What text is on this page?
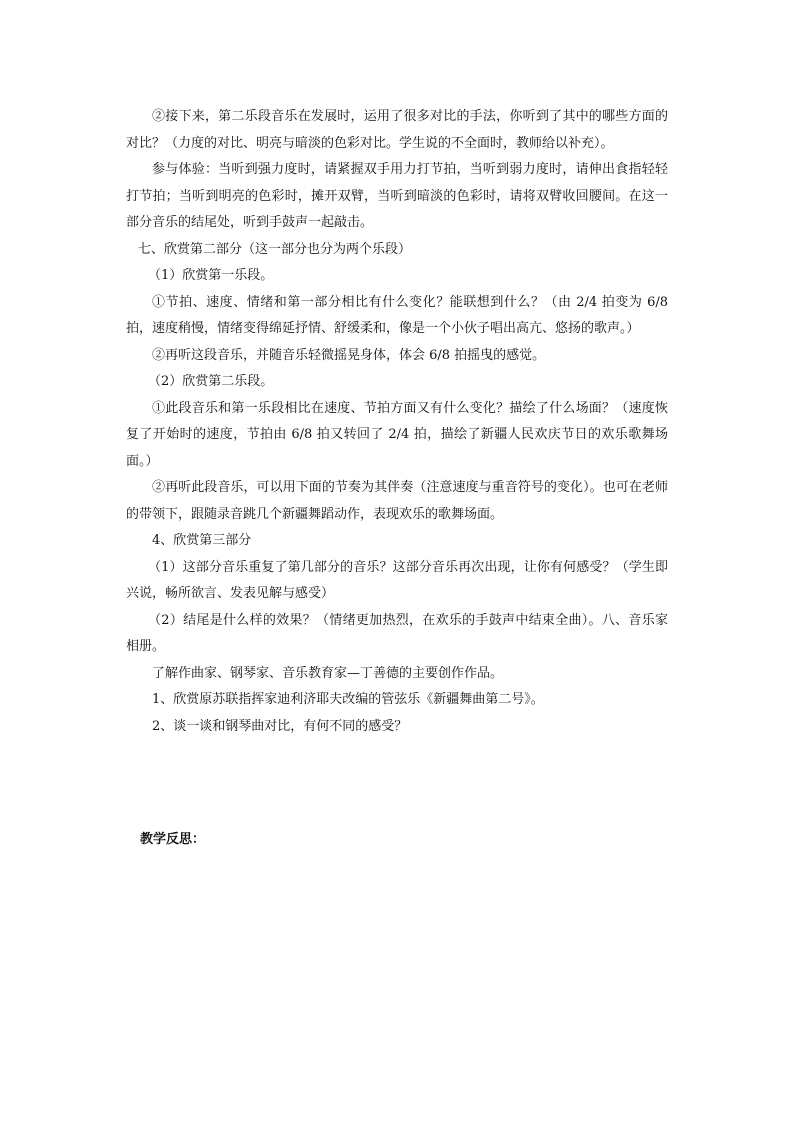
②接下来，第二乐段音乐在发展时，运用了很多对比的手法，你听到了其中的哪些方面的对比？（力度的对比、明亮与暗淡的色彩对比。学生说的不全面时，教师给以补充）。

参与体验：当听到强力度时，请紧握双手用力打节拍，当听到弱力度时，请伸出食指轻轻打节拍；当听到明亮的色彩时，摊开双臂，当听到暗淡的色彩时，请将双臂收回腰间。在这一部分音乐的结尾处，听到手鼓声一起敲击。

七、欣赏第二部分（这一部分也分为两个乐段）

（1）欣赏第一乐段。

①节拍、速度、情绪和第一部分相比有什么变化？能联想到什么？（由 2/4 拍变为 6/8 拍，速度稍慢，情绪变得绵延抒情、舒缓柔和，像是一个小伙子唱出高亢、悠扬的歌声。）

②再听这段音乐，并随音乐轻微摇晃身体，体会 6/8 拍摇曳的感觉。

（2）欣赏第二乐段。

①此段音乐和第一乐段相比在速度、节拍方面又有什么变化？描绘了什么场面？（速度恢复了开始时的速度，节拍由 6/8 拍又转回了 2/4 拍，描绘了新疆人民欢庆节日的欢乐歌舞场面。）

②再听此段音乐，可以用下面的节奏为其伴奏（注意速度与重音符号的变化）。也可在老师的带领下，跟随录音跳几个新疆舞蹈动作，表现欢乐的歌舞场面。

4、欣赏第三部分

（1）这部分音乐重复了第几部分的音乐？这部分音乐再次出现，让你有何感受？（学生即兴说，畅所欲言、发表见解与感受）

（2）结尾是什么样的效果？（情绪更加热烈，在欢乐的手鼓声中结束全曲）。八、音乐家相册。

了解作曲家、钢琴家、音乐教育家—丁善德的主要创作作品。

1、欣赏原苏联指挥家迪利济耶夫改编的管弦乐《新疆舞曲第二号》。

2、谈一谈和钢琴曲对比，有何不同的感受？

教学反思：
